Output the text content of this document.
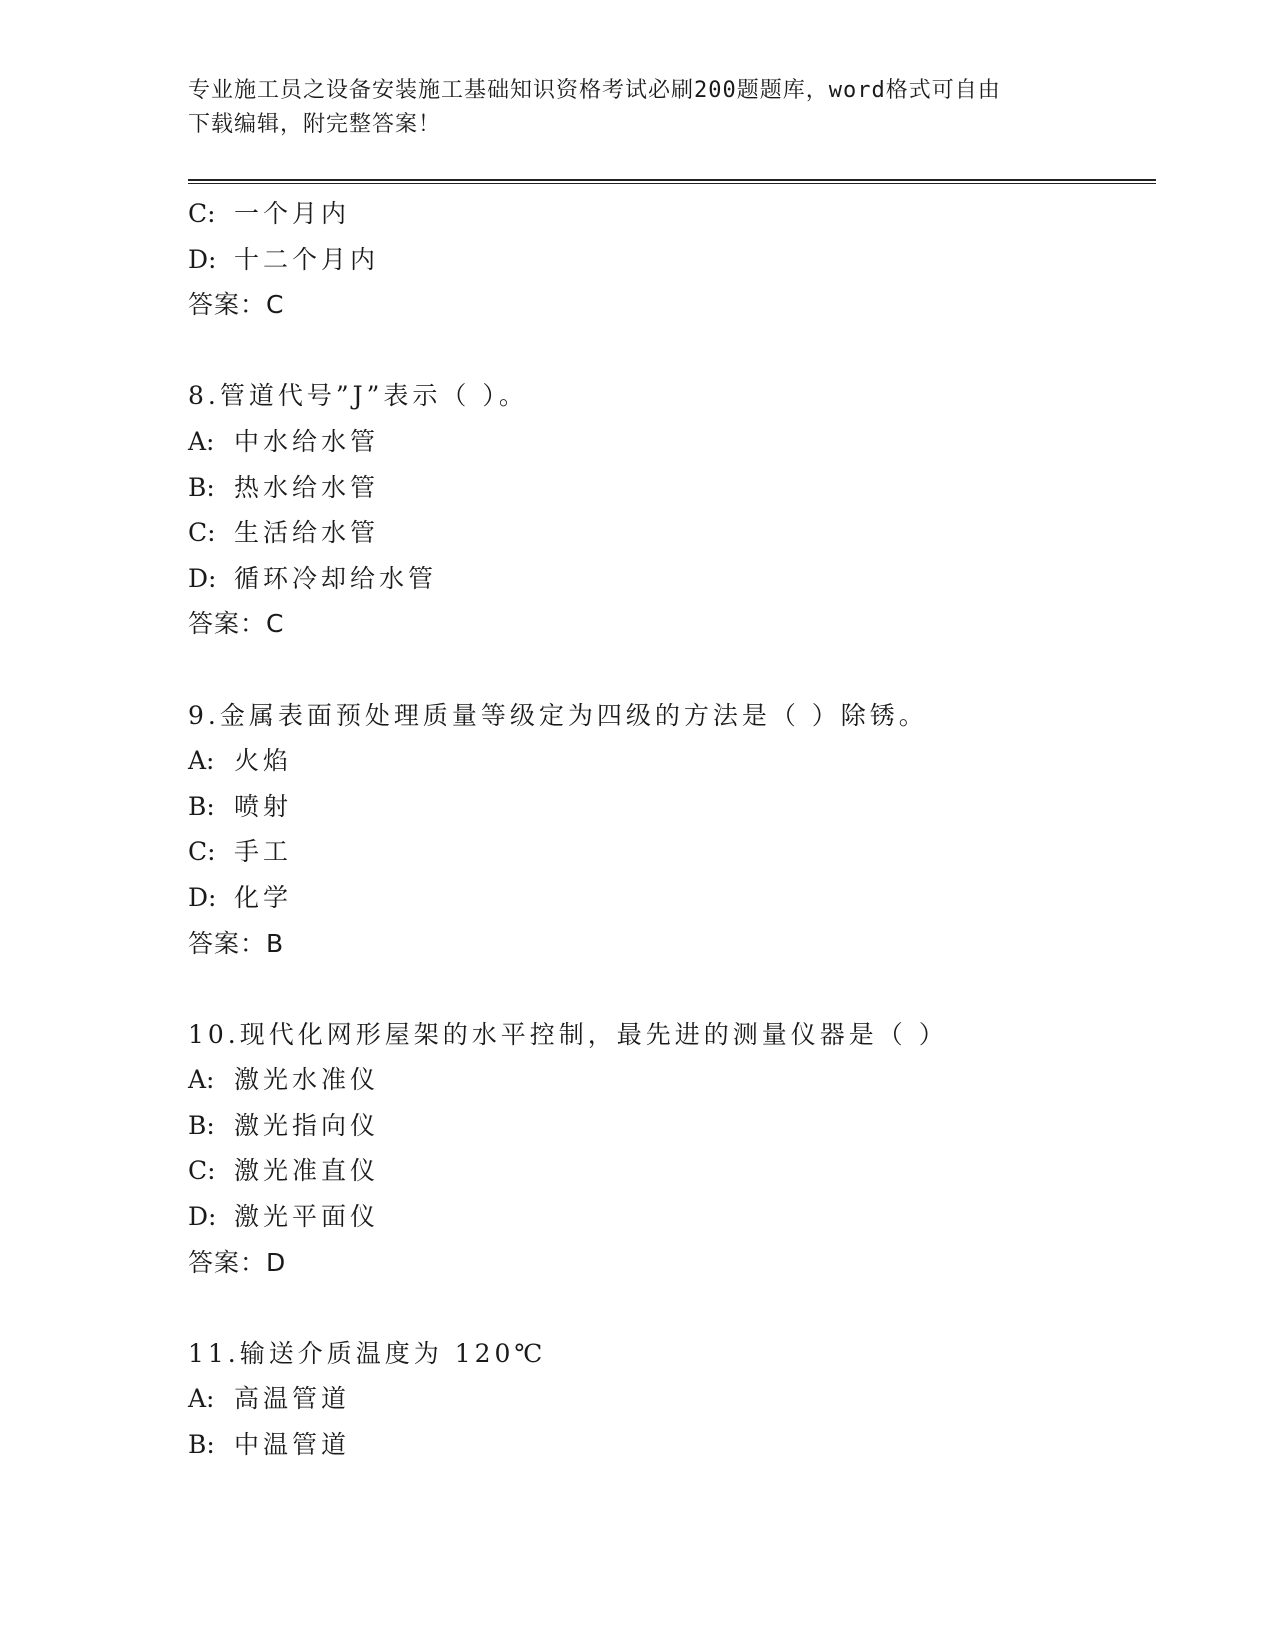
专业施工员之设备安装施工基础知识资格考试必刷200题题库，word格式可自由
下载编辑，附完整答案！
C: 一个月内
D: 十二个月内
答案：C
8.管道代号”J”表示（ ）。
A: 中水给水管
B: 热水给水管
C: 生活给水管
D: 循环冷却给水管
答案：C
9.金属表面预处理质量等级定为四级的方法是（ ）除锈。
A: 火焰
B: 喷射
C: 手工
D: 化学
答案：B
10.现代化网形屋架的水平控制，最先进的测量仪器是（ ）
A: 激光水准仪
B: 激光指向仪
C: 激光准直仪
D: 激光平面仪
答案：D
11.输送介质温度为 120℃
A: 高温管道
B: 中温管道
